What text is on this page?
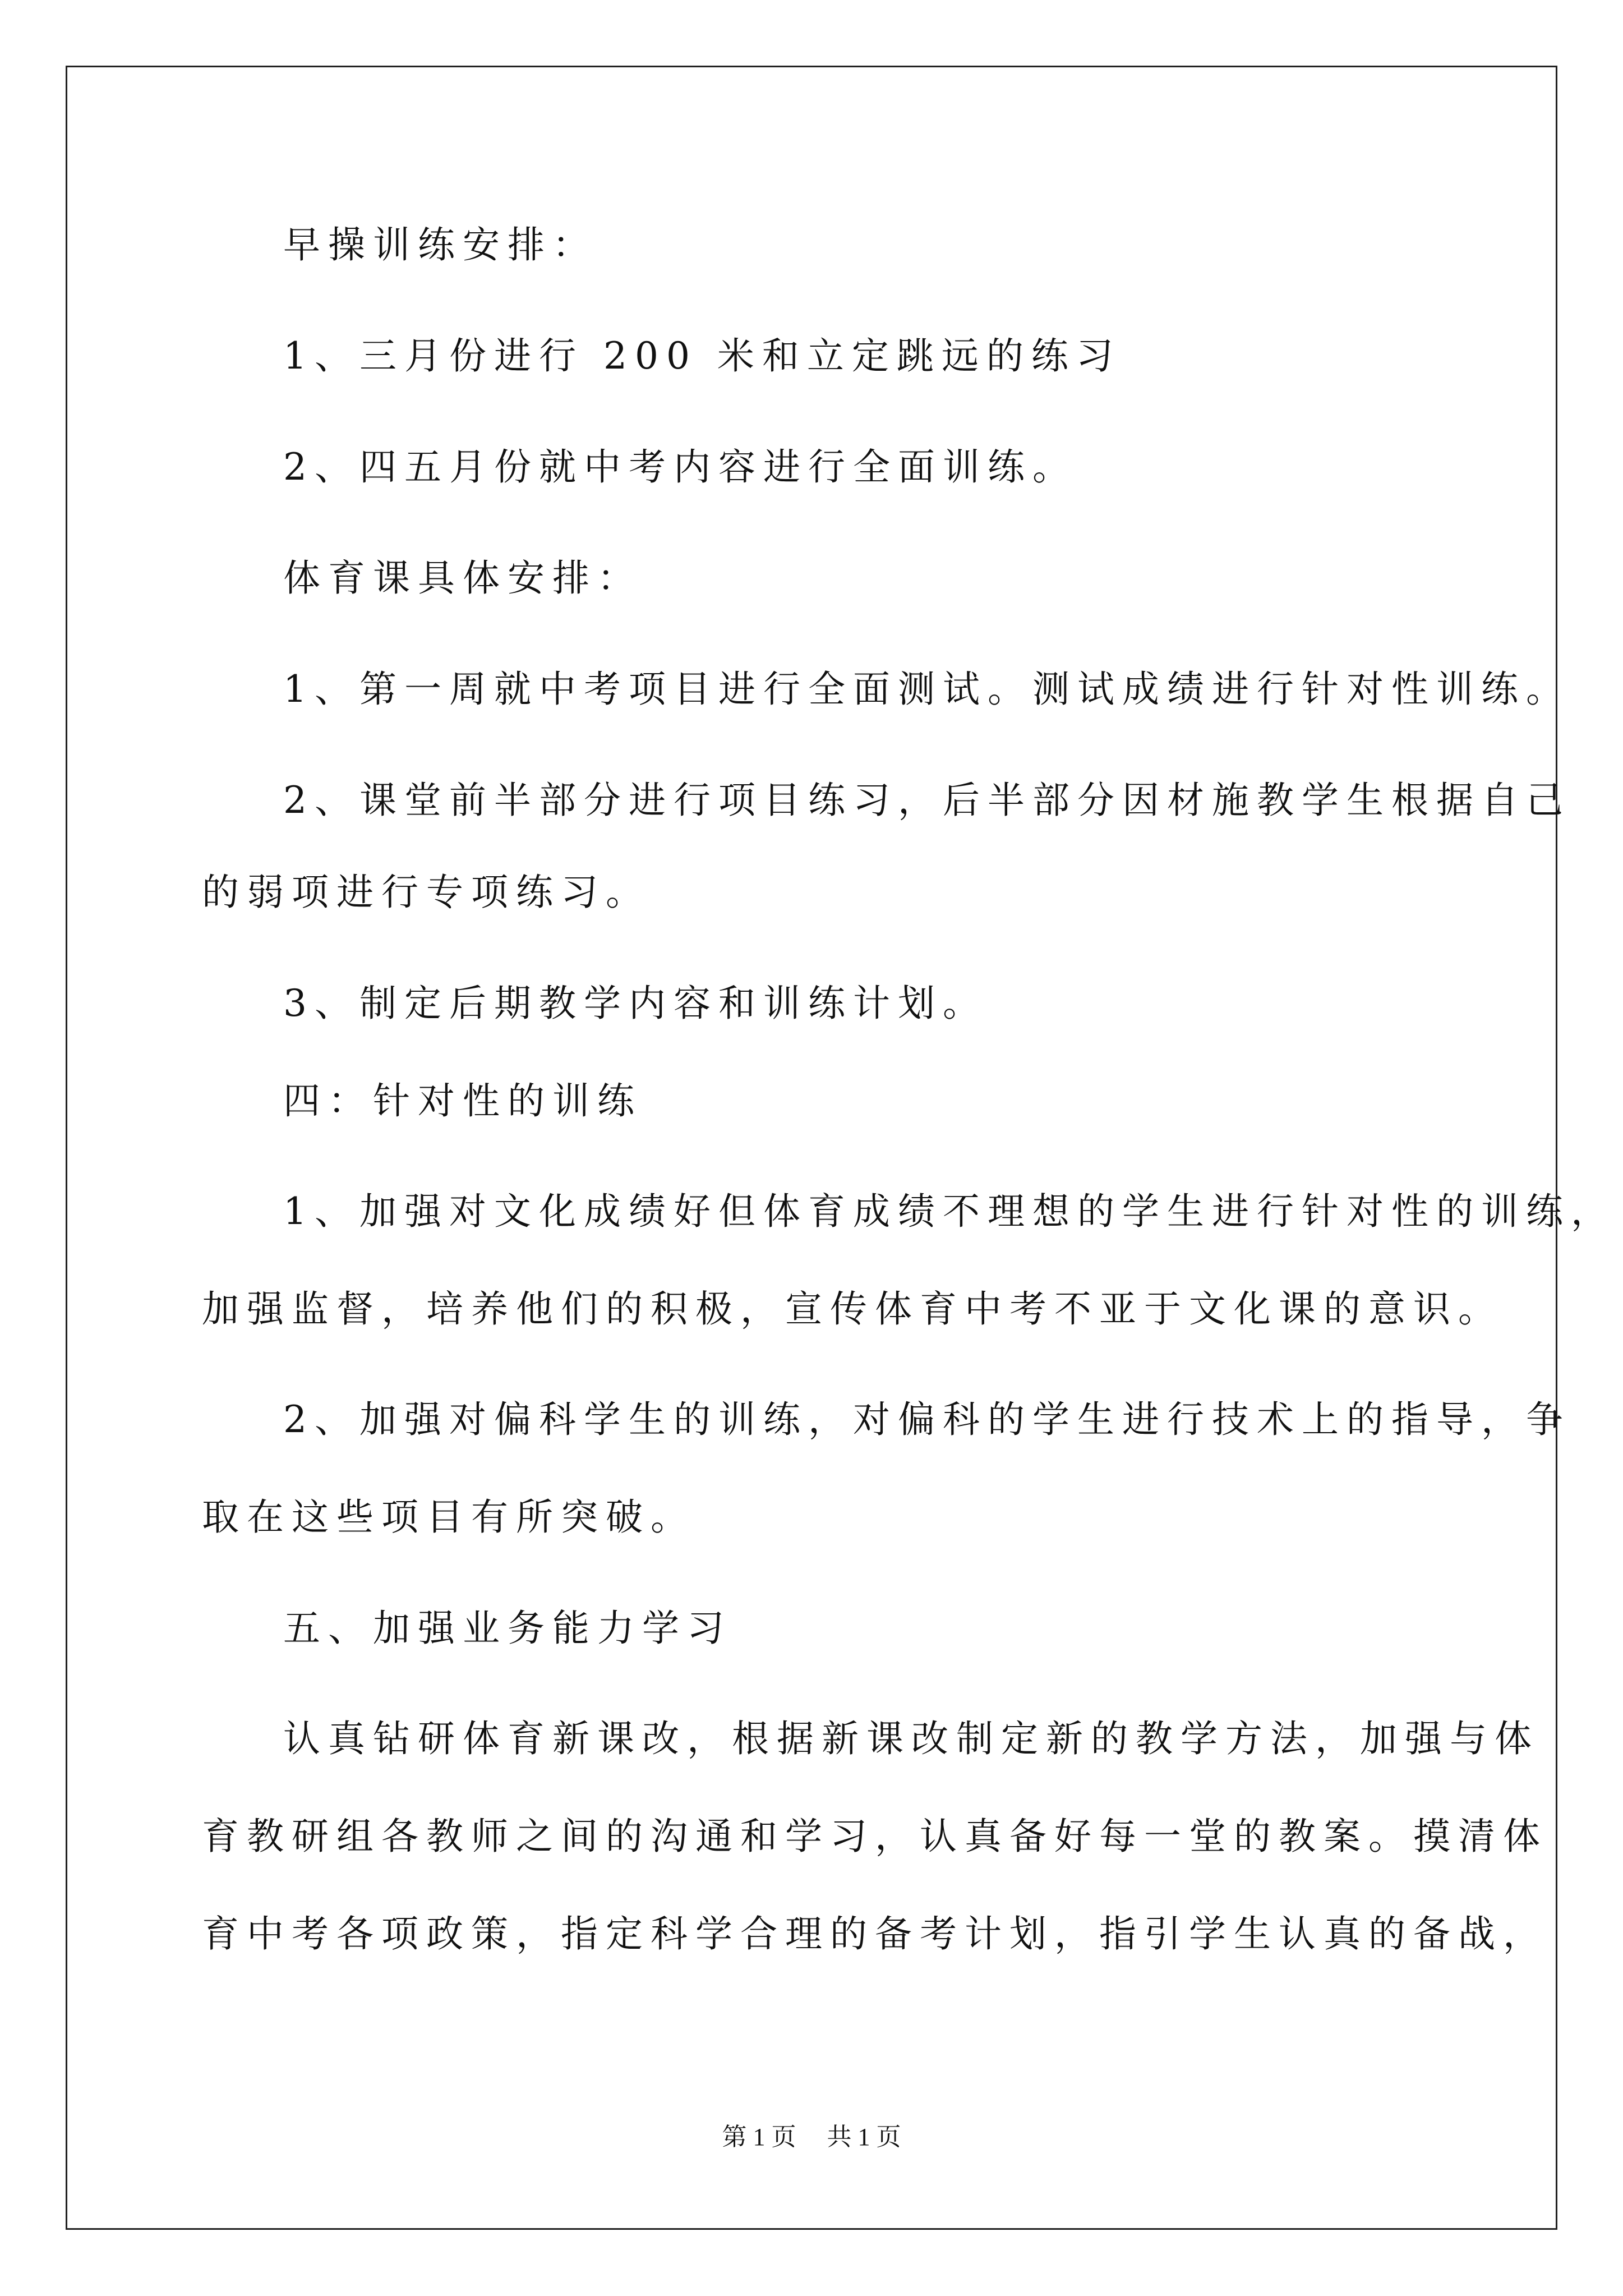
早操训练安排：
1、三月份进行 200 米和立定跳远的练习
2、四五月份就中考内容进行全面训练。
体育课具体安排：
1、第一周就中考项目进行全面测试。测试成绩进行针对性训练。
2、课堂前半部分进行项目练习，后半部分因材施教学生根据自己
的弱项进行专项练习。
3、制定后期教学内容和训练计划。
四：针对性的训练
1、加强对文化成绩好但体育成绩不理想的学生进行针对性的训练，
加强监督，培养他们的积极，宣传体育中考不亚于文化课的意识。
2、加强对偏科学生的训练，对偏科的学生进行技术上的指导，争
取在这些项目有所突破。
五、加强业务能力学习
认真钻研体育新课改，根据新课改制定新的教学方法，加强与体
育教研组各教师之间的沟通和学习，认真备好每一堂的教案。摸清体
育中考各项政策，指定科学合理的备考计划，指引学生认真的备战，
第 1 页 共 1 页
